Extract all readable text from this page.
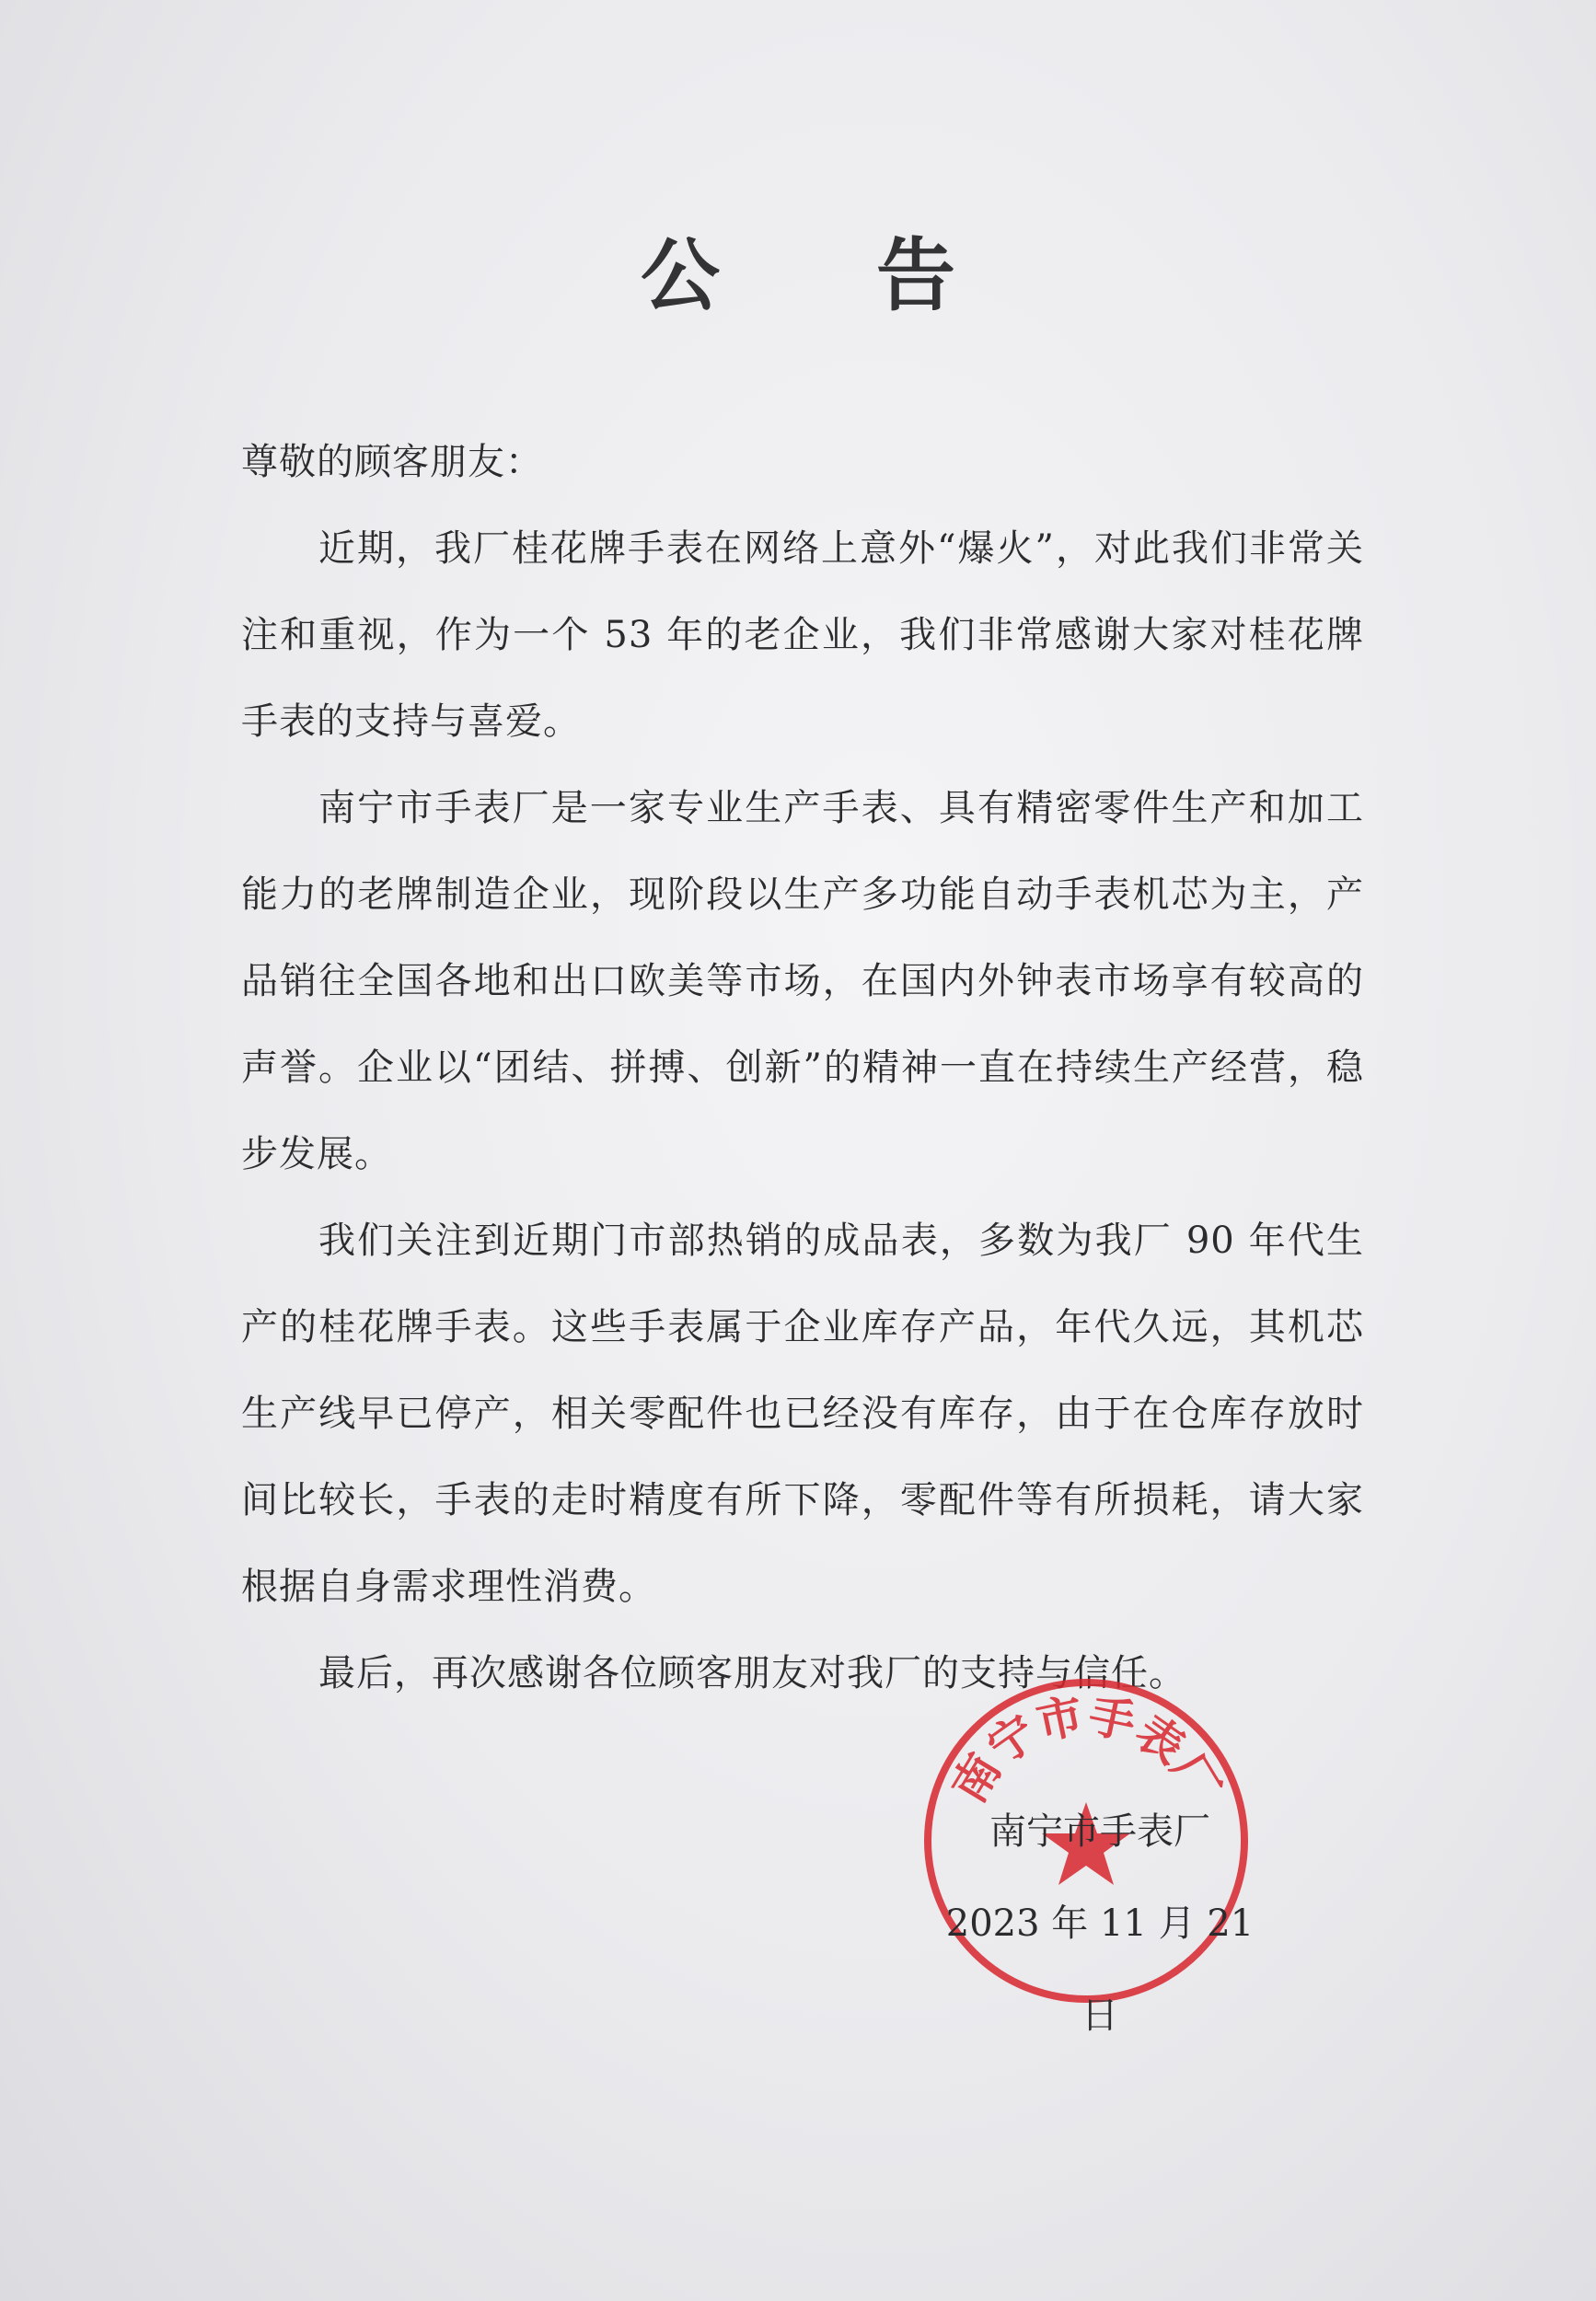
公 告

尊敬的顾客朋友：

近期，我厂桂花牌手表在网络上意外“爆火”，对此我们非常关注和重视，作为一个 53 年的老企业，我们非常感谢大家对桂花牌手表的支持与喜爱。

南宁市手表厂是一家专业生产手表、具有精密零件生产和加工能力的老牌制造企业，现阶段以生产多功能自动手表机芯为主，产品销往全国各地和出口欧美等市场，在国内外钟表市场享有较高的声誉。企业以“团结、拼搏、创新”的精神一直在持续生产经营，稳步发展。

我们关注到近期门市部热销的成品表，多数为我厂 90 年代生产的桂花牌手表。这些手表属于企业库存产品，年代久远，其机芯生产线早已停产，相关零配件也已经没有库存，由于在仓库存放时间比较长，手表的走时精度有所下降，零配件等有所损耗，请大家根据自身需求理性消费。

最后，再次感谢各位顾客朋友对我厂的支持与信任。

南宁市手表厂
南宁市手表厂
2023 年 11 月 21 日
